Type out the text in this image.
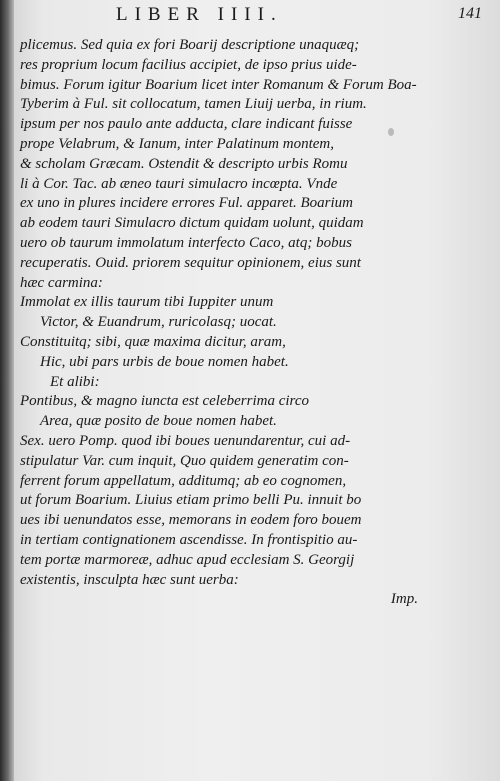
LIBER IIII.	141
plicemus. Sed quia ex fori Boarij descriptione unaquæq;
res proprium locum facilius accipiet, de ipso prius uide-
bimus. Forum igitur Boarium licet inter Romanum & Forum Boa-
Tyberim à Ful. sit collocatum, tamen Liuij uerba, in rium.
ipsum per nos paulo ante adducta, clare indicant fuisse
prope Velabrum, & Ianum, inter Palatinum montem,
& scholam Græcam. Ostendit & descripto urbis Romu
li à Cor. Tac. ab æneo tauri simulacro incœpta. Vnde
ex uno in plures incidere errores Ful. apparet. Boarium
ab eodem tauri Simulacro dictum quidam uolunt, quidam
uero ob taurum immolatum interfecto Caco, atq; bobus
recuperatis. Ouid. priorem sequitur opinionem, eius sunt
hæc carmina:
Immolat ex illis taurum tibi Iuppiter unum
Victor, & Euandrum, ruricolasq; uocat.
Constituitq; sibi, quæ maxima dicitur, aram,
Hic, ubi pars urbis de boue nomen habet.
Et alibi:
Pontibus, & magno iuncta est celeberrima circo
Area, quæ posito de boue nomen habet.
Sex. uero Pomp. quod ibi boues uenundarentur, cui ad-
stipulatur Var. cum inquit, Quo quidem generatim con-
ferrent forum appellatum, additumq; ab eo cognomen,
ut forum Boarium. Liuius etiam primo belli Pu. innuit bo
ues ibi uenundatos esse, memorans in eodem foro bouem
in tertiam contignationem ascendisse. In frontispitio au-
tem portæ marmoreæ, adhuc apud ecclesiam S. Georgij
existentis, insculpta hæc sunt uerba:
Imp.
